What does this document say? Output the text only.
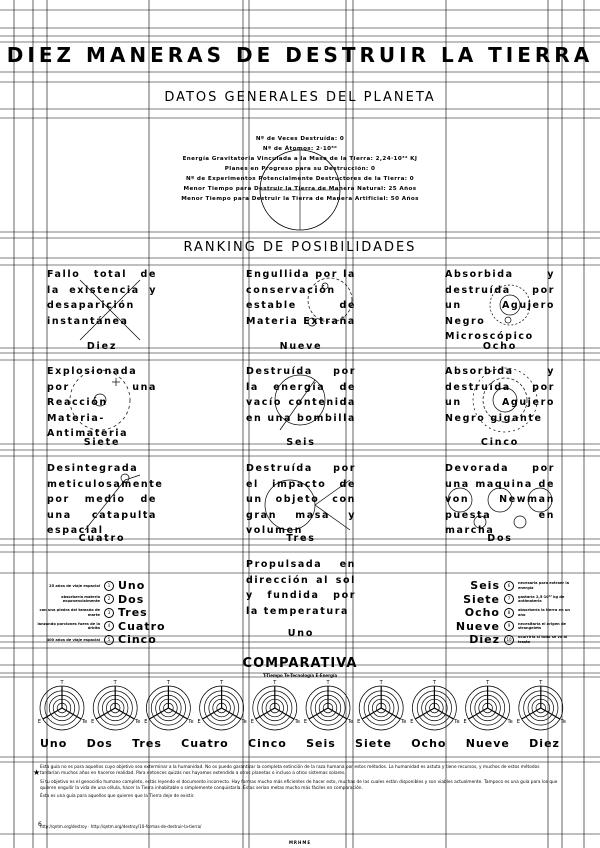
DIEZ MANERAS DE DESTRUIR LA TIERRA
DATOS GENERALES DEL PLANETA
Nº de Veces Destruída: 0
Nº de Átomos: 2·10⁵⁰
Energía Gravitatoria Vinculada a la Masa de la Tierra: 2,24·10³² KJ
Planes en Progreso para su Destrucción: 0
Nº de Experimentos Potencialmente Destructores de la Tierra: 0
Menor Tiempo para Destruir la Tierra de Manera Natural: 25 Años
Menor Tiempo para Destruir la Tierra de Manera Artificial: 50 Años
RANKING DE POSIBILIDADES
Fallo total de la existencia y desaparición instantánea
Diez
Engullida por la conservación estable de Materia Extraña
Nueve
Absorbida y destruída por un Agujero Negro Microscópico
Ocho
Explosionada por una Reacción Materia-Antimateria
Siete
Destruída por la energía de vacío contenida en una bombilla
Seis
Absorbida y destruída por un Agujero Negro gigante
Cinco
Desintegrada meticulosamente por medio de una catapulta espacial
Cuatro
Destruída por el impacto de un objeto con gran masa y volumen
Tres
Devorada por una maquina de von Newman puesta en marcha
Dos
Propulsada en dirección al sol y fundida por la temperatura
Uno
25 años de viaje espacial	1 Uno
absorbería materia exponencialmente	2 Dos
con una piedra del tamaño de marte	3 Tres
lanzando porciones fuera de la órbita	4 Cuatro
400 años de viaje espacial	5 Cinco
Seis	6	necesaria para extraer la energía
Siete	7	gastaría 2,5·10²⁴ kg de antimateria
Ocho	8	absorbería la tierra en un año
Nueve	9	necesitaría el origen de strangelets
Diez	10	ocurriría si todo se va al traste
COMPARATIVA
T-Tiempo Te-Tecnología E-Energía
T
Te
E
T
Te
E
T
Te
E
T
Te
E
T
Te
E
T
Te
E
T
Te
E
T
Te
E
T
Te
E
T
Te
E
Uno Dos Tres Cuatro Cinco Seis Siete Ocho Nueve Diez
★

Esta guía no es para aquellos cuyo objetivo sea exterminar a la humanidad. No os puedo garantizar la completa extinción de la raza humana por estos métodos. La humanidad es astuta y tiene recursos, y muchos de estos métodos tardarían muchos años en hacerse realidad. Para entonces quizás nos hayamos extendido a otros planetas o incluso a otros sistemas solares.

Si tu objetivo es el genocidio humano completo, estás leyendo el documento incorrecto. Hay formas mucho más eficientes de hacer esto, muchas de las cuales están disponibles y son viables actualmente. Tampoco es una guía para los que quieren engullir la vida de una célula, hacer la Tierra inhabitable o simplemente conquistarla. Éstas serían metas mucho más fáciles en comparación.

Ésta es una guía para aquellos que quieren que la Tierra deje de existir.

http://qntm.org/destroy · http://qntm.org/destroy/10-formas-de-destruir-la-tierra/
6
MRHME
